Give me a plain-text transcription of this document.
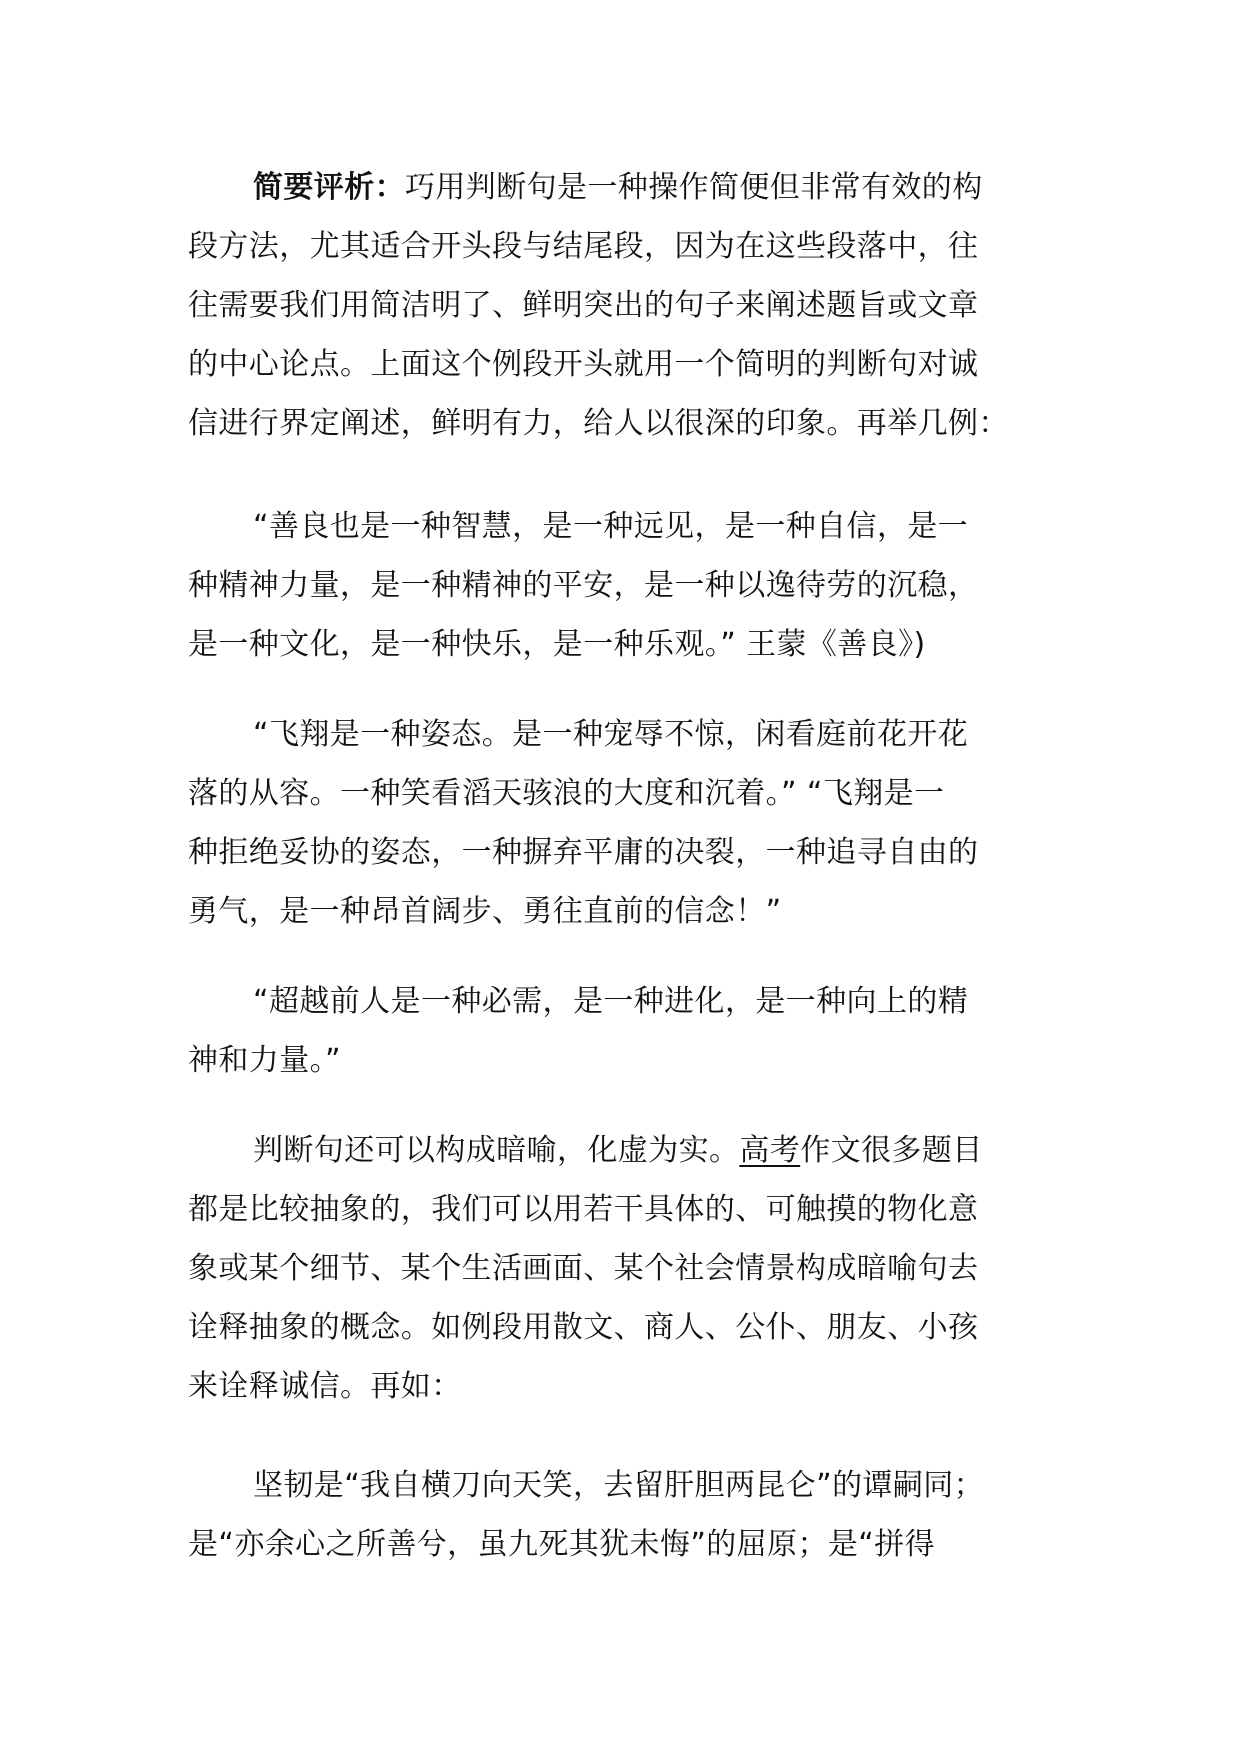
简要评析：巧用判断句是一种操作简便但非常有效的构
段方法，尤其适合开头段与结尾段，因为在这些段落中，往
往需要我们用简洁明了、鲜明突出的句子来阐述题旨或文章
的中心论点。上面这个例段开头就用一个简明的判断句对诚
信进行界定阐述，鲜明有力，给人以很深的印象。再举几例：
“善良也是一种智慧，是一种远见，是一种自信，是一
种精神力量，是一种精神的平安，是一种以逸待劳的沉稳，
是一种文化，是一种快乐，是一种乐观。” 王蒙《善良》)
“飞翔是一种姿态。是一种宠辱不惊，闲看庭前花开花
落的从容。一种笑看滔天骇浪的大度和沉着。” “飞翔是一
种拒绝妥协的姿态，一种摒弃平庸的决裂，一种追寻自由的
勇气，是一种昂首阔步、勇往直前的信念！”
“超越前人是一种必需，是一种进化，是一种向上的精
神和力量。”
判断句还可以构成暗喻，化虚为实。高考作文很多题目
都是比较抽象的，我们可以用若干具体的、可触摸的物化意
象或某个细节、某个生活画面、某个社会情景构成暗喻句去
诠释抽象的概念。如例段用散文、商人、公仆、朋友、小孩
来诠释诚信。再如：
坚韧是“我自横刀向天笑，去留肝胆两昆仑”的谭嗣同；
是“亦余心之所善兮，虽九死其犹未悔”的屈原；是“拼得
